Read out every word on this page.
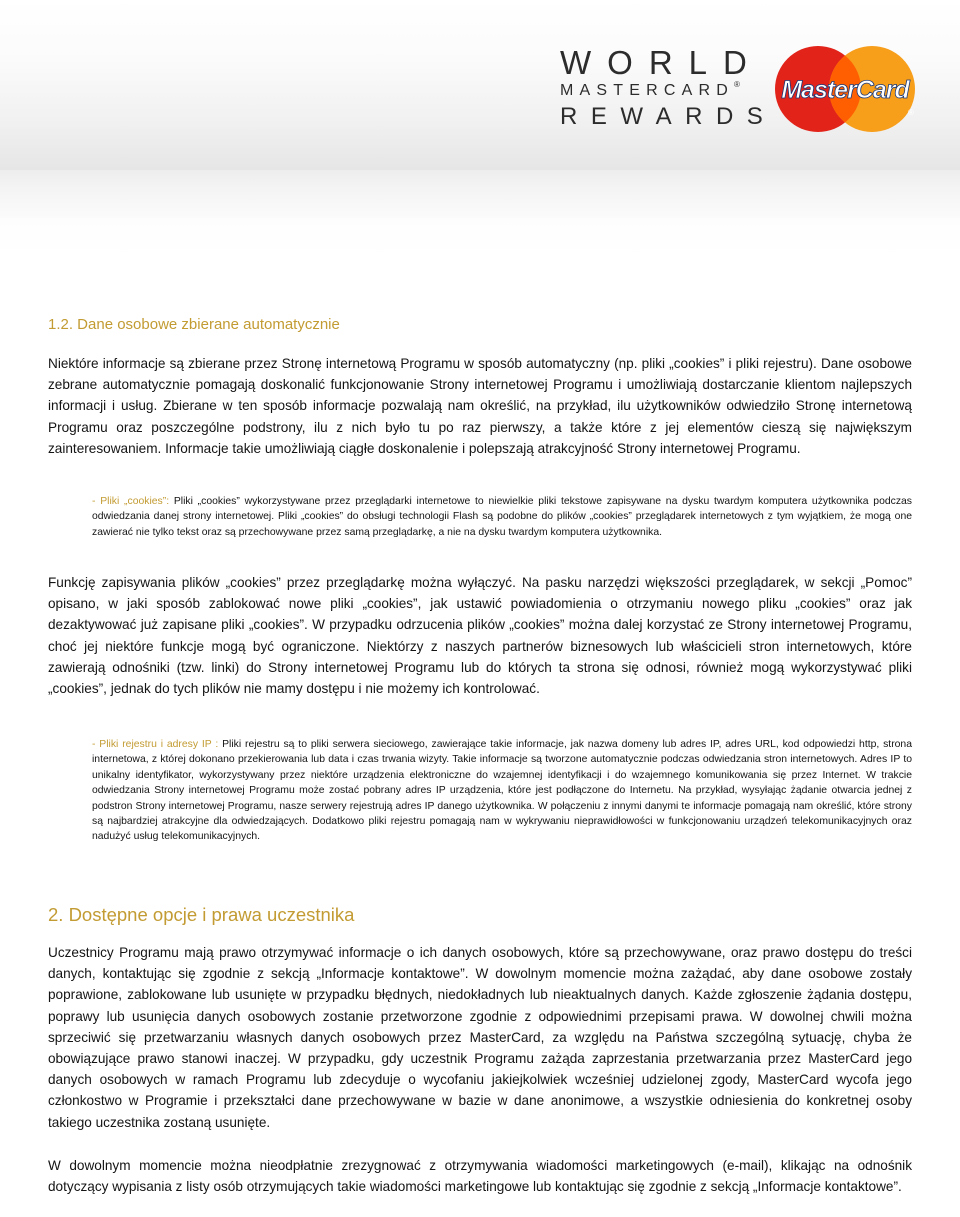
WORLD
MASTERCARD®
REWARDS
MasterCard
®
1.2. Dane osobowe zbierane automatycznie

Niektóre informacje są zbierane przez Stronę internetową Programu w sposób automatyczny (np. pliki „cookies” i pliki rejestru). Dane osobowe zebrane automatycznie pomagają doskonalić funkcjonowanie Strony internetowej Programu i umożliwiają dostarczanie klientom najlepszych informacji i usług. Zbierane w ten sposób informacje pozwalają nam określić, na przykład, ilu użytkowników odwiedziło Stronę internetową Programu oraz poszczególne podstrony, ilu z nich było tu po raz pierwszy, a także które z jej elementów cieszą się największym zainteresowaniem. Informacje takie umożliwiają ciągłe doskonalenie i polepszają atrakcyjność Strony internetowej Programu.

- Pliki „cookies”: Pliki „cookies” wykorzystywane przez przeglądarki internetowe to niewielkie pliki tekstowe zapisywane na dysku twardym komputera użytkownika podczas odwiedzania danej strony internetowej. Pliki „cookies” do obsługi technologii Flash są podobne do plików „cookies” przeglądarek internetowych z tym wyjątkiem, że mogą one zawierać nie tylko tekst oraz są przechowywane przez samą przeglądarkę, a nie na dysku twardym komputera użytkownika.

Funkcję zapisywania plików „cookies” przez przeglądarkę można wyłączyć. Na pasku narzędzi większości przeglądarek, w sekcji „Pomoc” opisano, w jaki sposób zablokować nowe pliki „cookies”, jak ustawić powiadomienia o otrzymaniu nowego pliku „cookies” oraz jak dezaktywować już zapisane pliki „cookies”. W przypadku odrzucenia plików „cookies” można dalej korzystać ze Strony internetowej Programu, choć jej niektóre funkcje mogą być ograniczone. Niektórzy z naszych partnerów biznesowych lub właścicieli stron internetowych, które zawierają odnośniki (tzw. linki) do Strony internetowej Programu lub do których ta strona się odnosi, również mogą wykorzystywać pliki „cookies”, jednak do tych plików nie mamy dostępu i nie możemy ich kontrolować.

- Pliki rejestru i adresy IP : Pliki rejestru są to pliki serwera sieciowego, zawierające takie informacje, jak nazwa domeny lub adres IP, adres URL, kod odpowiedzi http, strona internetowa, z której dokonano przekierowania lub data i czas trwania wizyty. Takie informacje są tworzone automatycznie podczas odwiedzania stron internetowych. Adres IP to unikalny identyfikator, wykorzystywany przez niektóre urządzenia elektroniczne do wzajemnej identyfikacji i do wzajemnego komunikowania się przez Internet. W trakcie odwiedzania Strony internetowej Programu może zostać pobrany adres IP urządzenia, które jest podłączone do Internetu. Na przykład, wysyłając żądanie otwarcia jednej z podstron Strony internetowej Programu, nasze serwery rejestrują adres IP danego użytkownika. W połączeniu z innymi danymi te informacje pomagają nam określić, które strony są najbardziej atrakcyjne dla odwiedzających. Dodatkowo pliki rejestru pomagają nam w wykrywaniu nieprawidłowości w funkcjonowaniu urządzeń telekomunikacyjnych oraz nadużyć usług telekomunikacyjnych.

2. Dostępne opcje i prawa uczestnika

Uczestnicy Programu mają prawo otrzymywać informacje o ich danych osobowych, które są przechowywane, oraz prawo dostępu do treści danych, kontaktując się zgodnie z sekcją „Informacje kontaktowe”. W dowolnym momencie można zażądać, aby dane osobowe zostały poprawione, zablokowane lub usunięte w przypadku błędnych, niedokładnych lub nieaktualnych danych. Każde zgłoszenie żądania dostępu, poprawy lub usunięcia danych osobowych zostanie przetworzone zgodnie z odpowiednimi przepisami prawa. W dowolnej chwili można sprzeciwić się przetwarzaniu własnych danych osobowych przez MasterCard, za względu na Państwa szczególną sytuację, chyba że obowiązujące prawo stanowi inaczej. W przypadku, gdy uczestnik Programu zażąda zaprzestania przetwarzania przez MasterCard jego danych osobowych w ramach Programu lub zdecyduje o wycofaniu jakiejkolwiek wcześniej udzielonej zgody, MasterCard wycofa jego członkostwo w Programie i przekształci dane przechowywane w bazie w dane anonimowe, a wszystkie odniesienia do konkretnej osoby takiego uczestnika zostaną usunięte.

W dowolnym momencie można nieodpłatnie zrezygnować z otrzymywania wiadomości marketingowych (e-mail), klikając na odnośnik dotyczący wypisania z listy osób otrzymujących takie wiadomości marketingowe lub kontaktując się zgodnie z sekcją „Informacje kontaktowe”.
